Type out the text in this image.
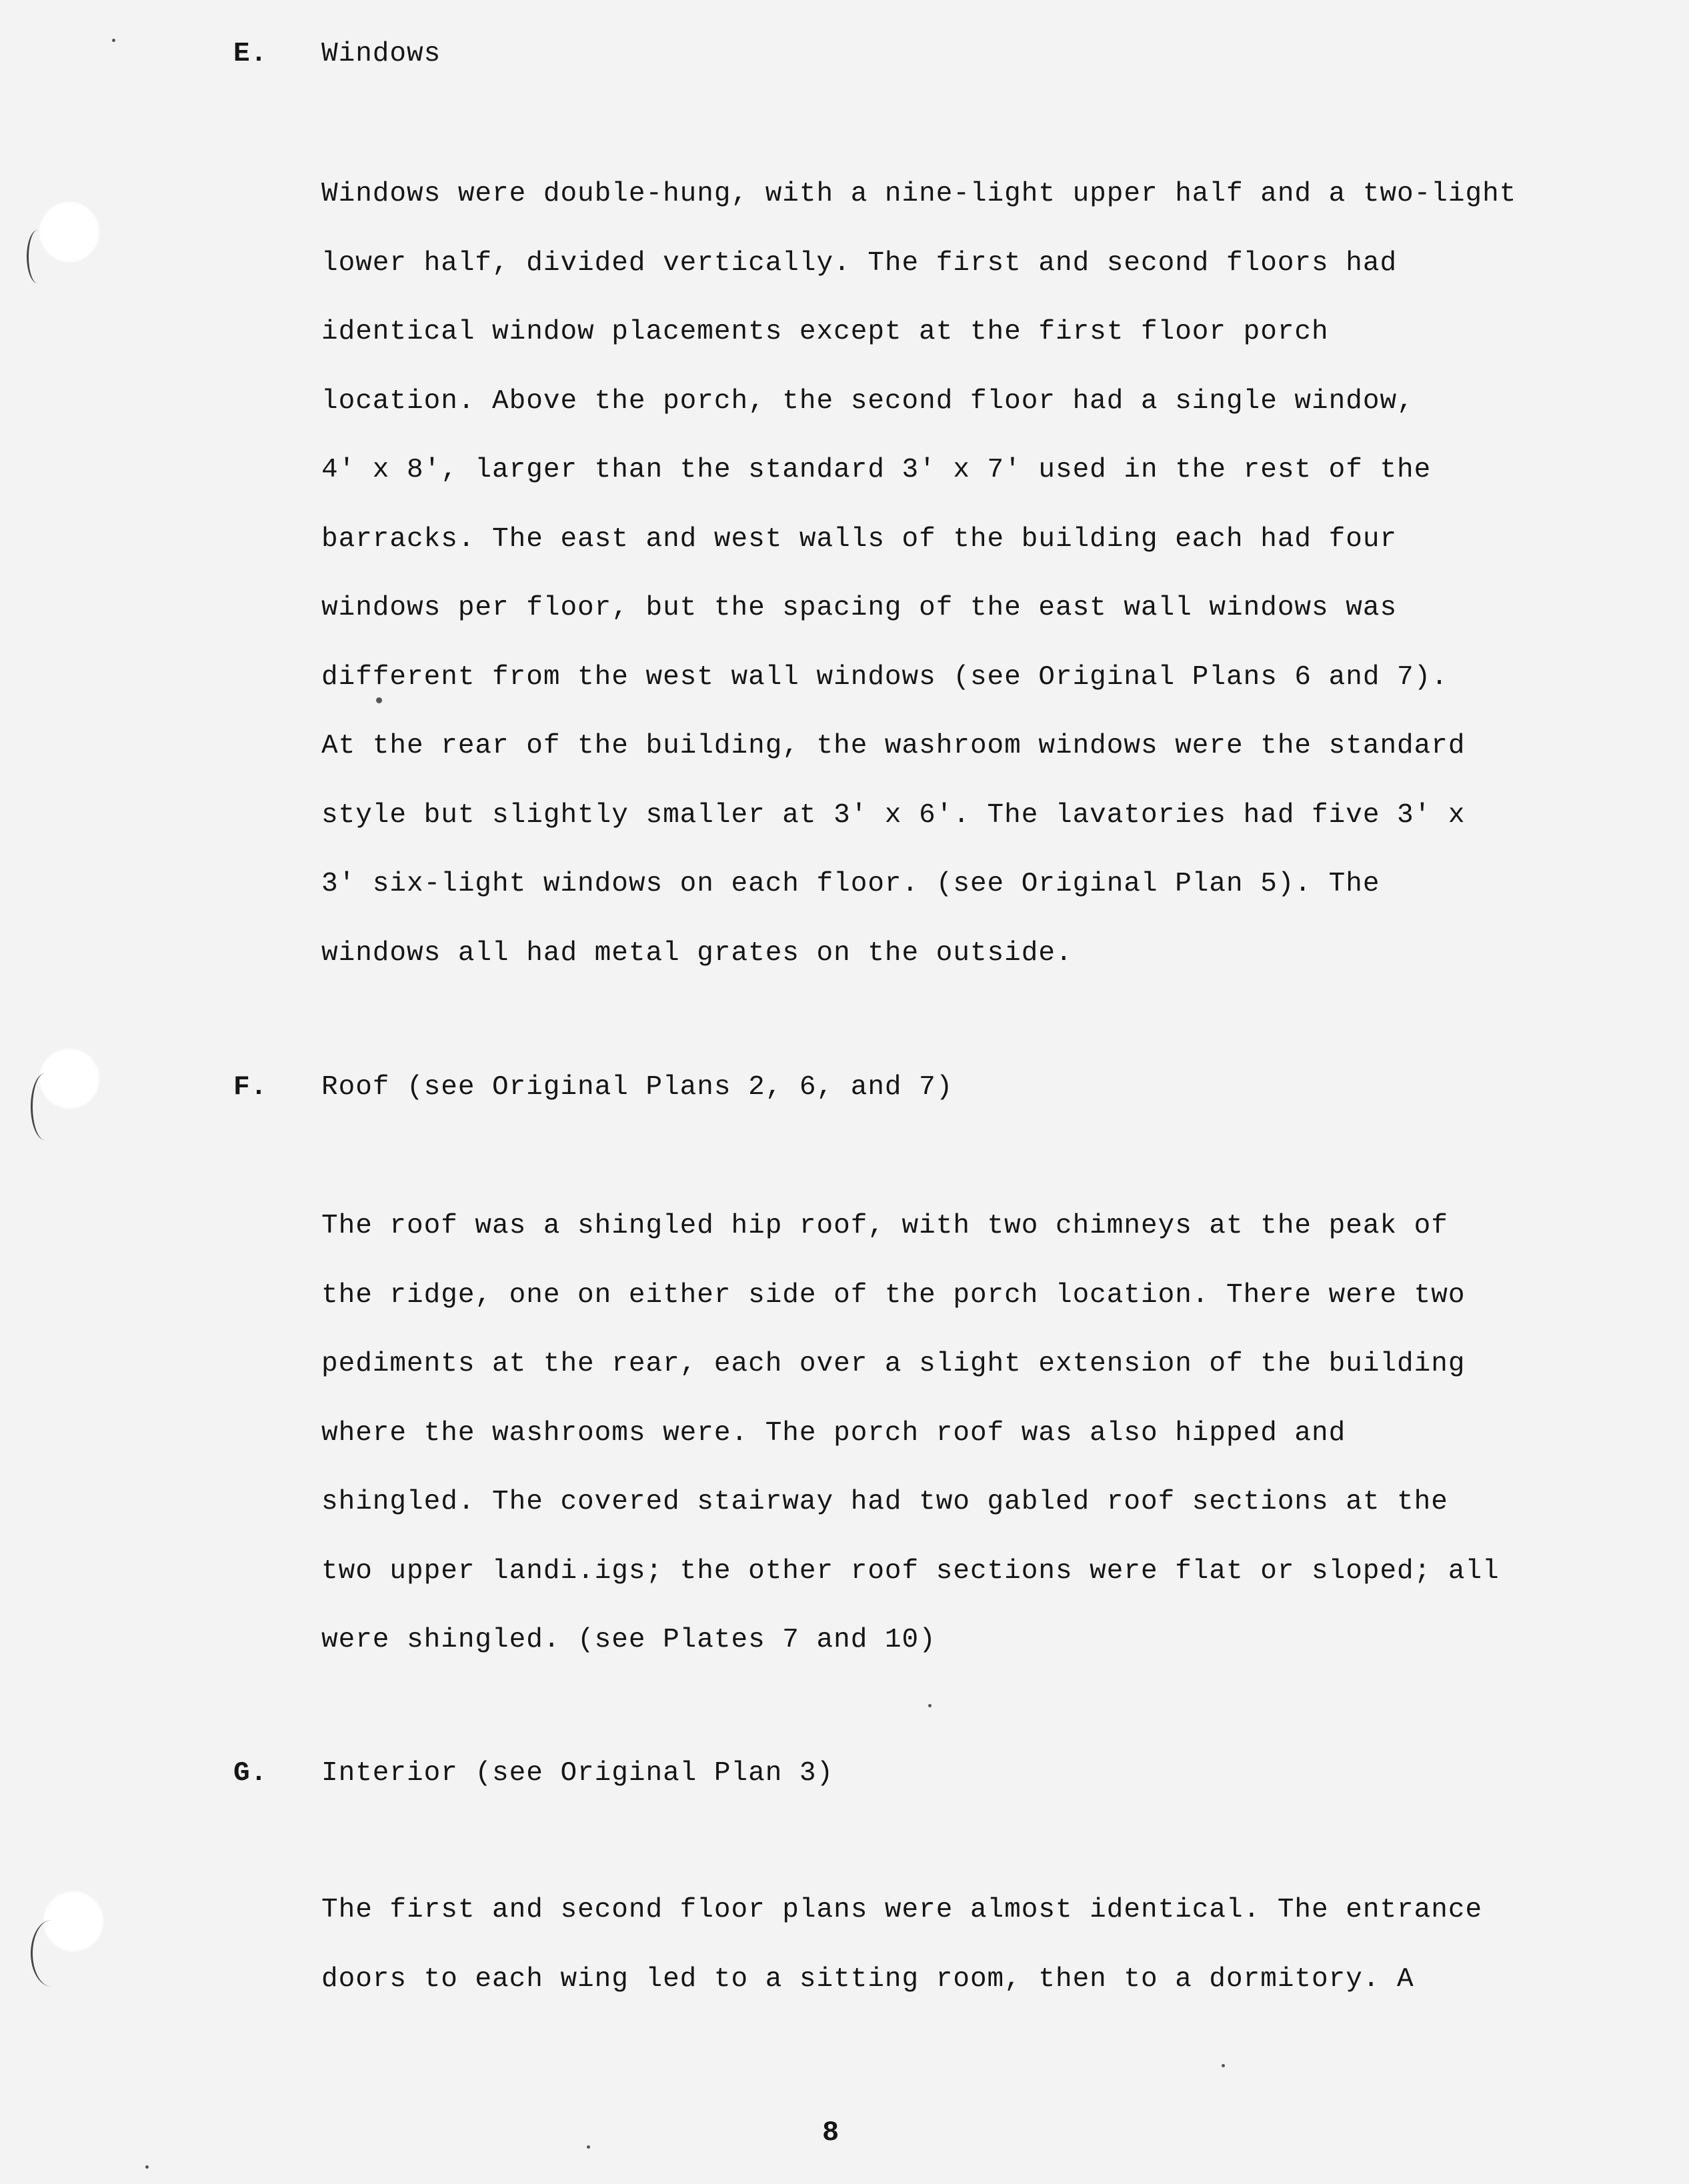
E. Windows
Windows were double-hung, with a nine-light upper half and a two-light
lower half, divided vertically. The first and second floors had
identical window placements except at the first floor porch
location. Above the porch, the second floor had a single window,
4' x 8', larger than the standard 3' x 7' used in the rest of the
barracks. The east and west walls of the building each had four
windows per floor, but the spacing of the east wall windows was
different from the west wall windows (see Original Plans 6 and 7).
At the rear of the building, the washroom windows were the standard
style but slightly smaller at 3' x 6'. The lavatories had five 3' x
3' six-light windows on each floor. (see Original Plan 5). The
windows all had metal grates on the outside.
F. Roof (see Original Plans 2, 6, and 7)
The roof was a shingled hip roof, with two chimneys at the peak of
the ridge, one on either side of the porch location. There were two
pediments at the rear, each over a slight extension of the building
where the washrooms were. The porch roof was also hipped and
shingled. The covered stairway had two gabled roof sections at the
two upper landi.igs; the other roof sections were flat or sloped; all
were shingled. (see Plates 7 and 10)
G. Interior (see Original Plan 3)
The first and second floor plans were almost identical. The entrance
doors to each wing led to a sitting room, then to a dormitory. A
8
